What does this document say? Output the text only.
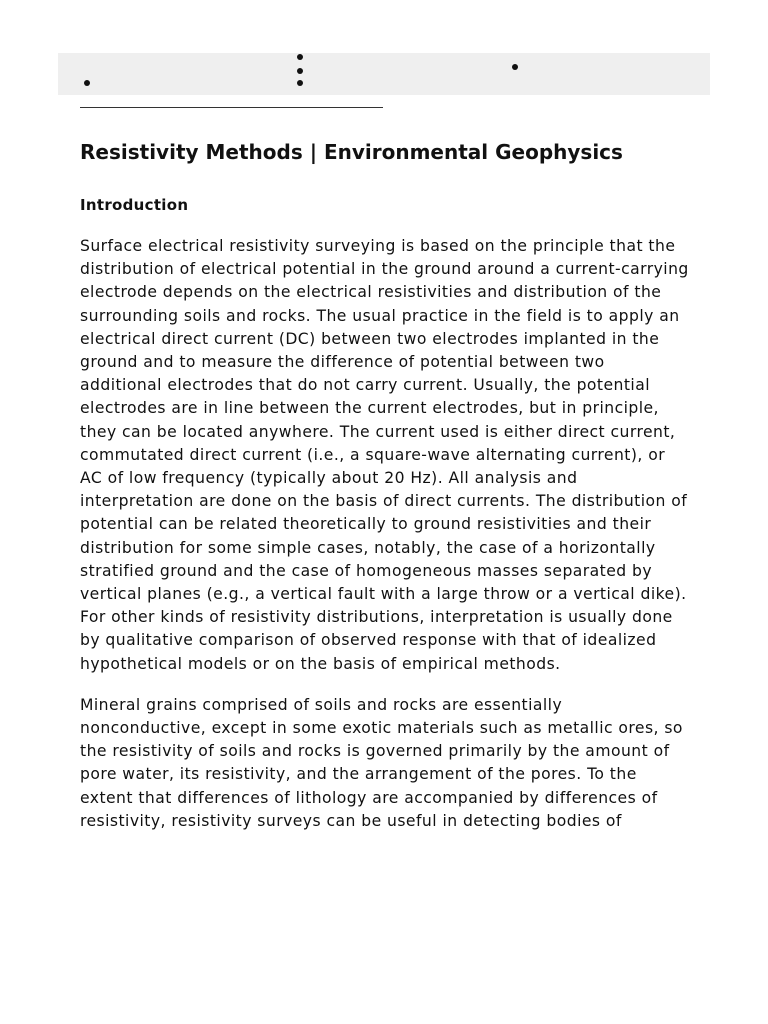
Resistivity Methods | Environmental Geophysics
Introduction

Surface electrical resistivity surveying is based on the principle that the distribution of electrical potential in the ground around a current-carrying electrode depends on the electrical resistivities and distribution of the surrounding soils and rocks. The usual practice in the field is to apply an electrical direct current (DC) between two electrodes implanted in the ground and to measure the difference of potential between two additional electrodes that do not carry current. Usually, the potential electrodes are in line between the current electrodes, but in principle, they can be located anywhere. The current used is either direct current, commutated direct current (i.e., a square-wave alternating current), or AC of low frequency (typically about 20 Hz). All analysis and interpretation are done on the basis of direct currents. The distribution of potential can be related theoretically to ground resistivities and their distribution for some simple cases, notably, the case of a horizontally stratified ground and the case of homogeneous masses separated by vertical planes (e.g., a vertical fault with a large throw or a vertical dike). For other kinds of resistivity distributions, interpretation is usually done by qualitative comparison of observed response with that of idealized hypothetical models or on the basis of empirical methods.

Mineral grains comprised of soils and rocks are essentially nonconductive, except in some exotic materials such as metallic ores, so the resistivity of soils and rocks is governed primarily by the amount of pore water, its resistivity, and the arrangement of the pores. To the extent that differences of lithology are accompanied by differences of resistivity, resistivity surveys can be useful in detecting bodies of
